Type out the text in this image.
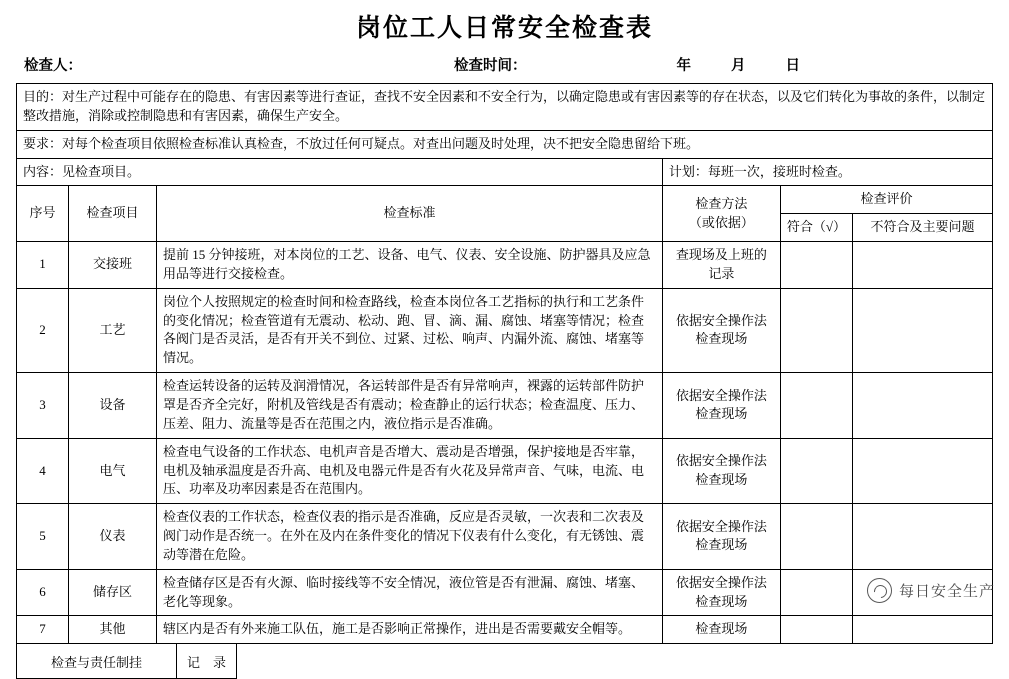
岗位工人日常安全检查表
检查人：	检查时间：	年	月	日
目的：对生产过程中可能存在的隐患、有害因素等进行查证，查找不安全因素和不安全行为，以确定隐患或有害因素等的存在状态，以及它们转化为事故的条件，以制定整改措施，消除或控制隐患和有害因素，确保生产安全。					
要求：对每个检查项目依照检查标准认真检查，不放过任何可疑点。对查出问题及时处理，决不把安全隐患留给下班。					
内容：见检查项目。			计划：每班一次，接班时检查。		
序号	检查项目	检查标准	检查方法
（或依据）	检查评价	
				符合（√）	不符合及主要问题
1	交接班	提前 15 分钟接班，对本岗位的工艺、设备、电气、仪表、安全设施、防护器具及应急用品等进行交接检查。	查现场及上班的
记录		

2	工艺	岗位个人按照规定的检查时间和检查路线，检查本岗位各工艺指标的执行和工艺条件的变化情况；检查管道有无震动、松动、跑、冒、滴、漏、腐蚀、堵塞等情况；检查各阀门是否灵活，是否有开关不到位、过紧、过松、响声、内漏外流、腐蚀、堵塞等情况。	依据安全操作法
检查现场		

3	设备	检查运转设备的运转及润滑情况，各运转部件是否有异常响声，裸露的运转部件防护罩是否齐全完好，附机及管线是否有震动；检查静止的运行状态；检查温度、压力、压差、阻力、流量等是否在范围之内，液位指示是否准确。	依据安全操作法
检查现场		

4	电气	检查电气设备的工作状态、电机声音是否增大、震动是否增强，保护接地是否牢靠，电机及轴承温度是否升高、电机及电器元件是否有火花及异常声音、气味，电流、电压、功率及功率因素是否在范围内。	依据安全操作法
检查现场		

5	仪表	检查仪表的工作状态，检查仪表的指示是否准确，反应是否灵敏，一次表和二次表及阀门动作是否统一。在外在及内在条件变化的情况下仪表有什么变化，有无锈蚀、震动等潜在危险。	依据安全操作法
检查现场		

6	储存区	检查储存区是否有火源、临时接线等不安全情况，液位管是否有泄漏、腐蚀、堵塞、老化等现象。	依据安全操作法
检查现场		

7	其他	辖区内是否有外来施工队伍，施工是否影响正常操作，进出是否需要戴安全帽等。	检查现场		

检查与责任制挂	记　录	
每日安全生产
